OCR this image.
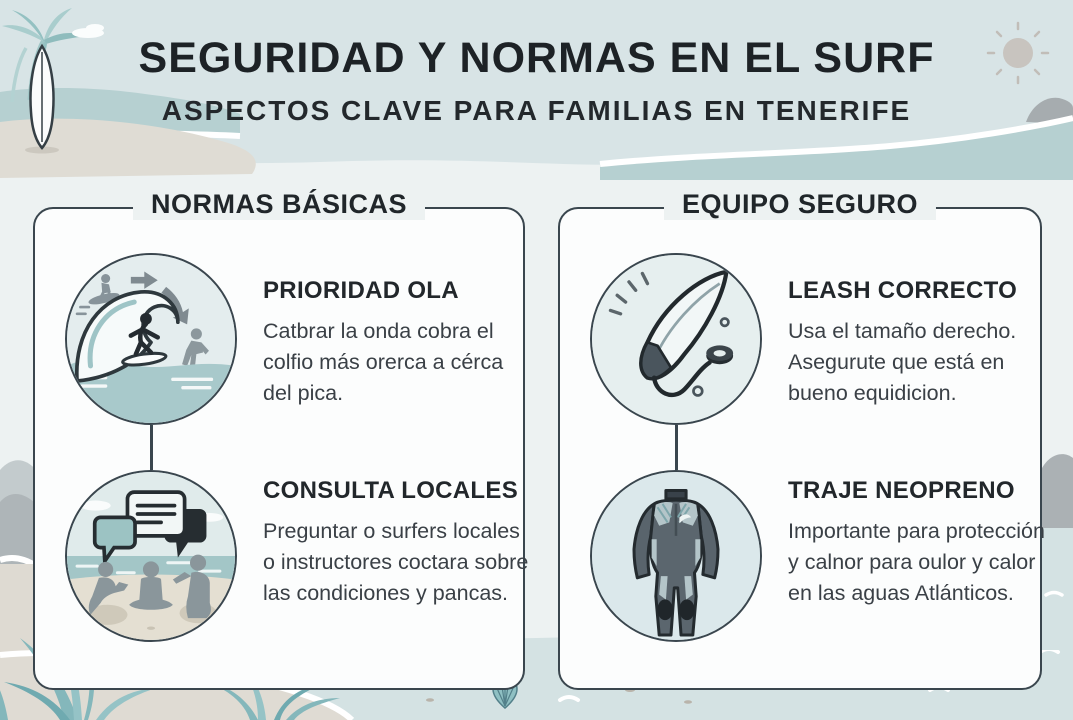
SEGURIDAD Y NORMAS EN EL SURF
ASPECTOS CLAVE PARA FAMILIAS EN TENERIFE
NORMAS BÁSICAS
PRIORIDAD OLA

Catbrar la onda cobra el colfio más orerca a cérca del pica.

CONSULTA LOCALES

Preguntar o surfers locales o instructores coctara sobre las condiciones y pancas.

EQUIPO SEGURO
LEASH CORRECTO

Usa el tamaño derecho. Asegurute que está en bueno equidicion.

TRAJE NEOPRENO

Importante para protección y calnor para oulor y calor en las aguas Atlánticos.
